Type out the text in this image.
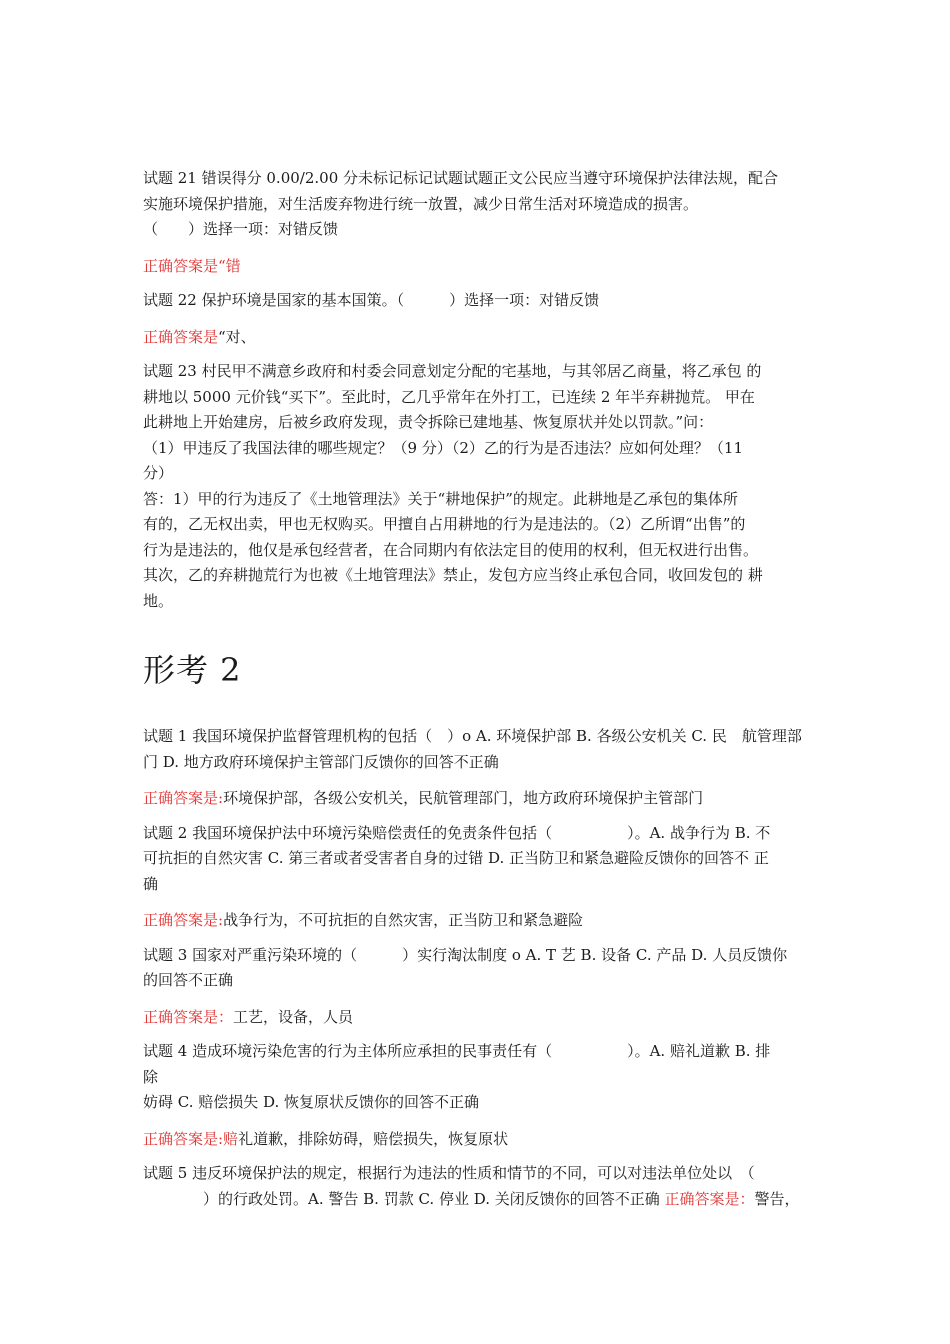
试题 21 错误得分 0.00/2.00 分未标记标记试题试题正文公民应当遵守环境保护法律法规，配合

实施环境保护措施，对生活废弃物进行统一放置，减少日常生活对环境造成的损害。

（　　）选择一项：对错反馈

正确答案是“错

试题 22 保护环境是国家的基本国策。（　　　）选择一项：对错反馈

正确答案是“对、

试题 23 村民甲不满意乡政府和村委会同意划定分配的宅基地，与其邻居乙商量，将乙承包 的

耕地以 5000 元价钱“买下”。至此时，乙几乎常年在外打工，已连续 2 年半弃耕抛荒。 甲在

此耕地上开始建房，后被乡政府发现，责令拆除已建地基、恢复原状并处以罚款。”问：

（1）甲违反了我国法律的哪些规定？（9 分）（2）乙的行为是否违法？应如何处理？（11

分）

答：1）甲的行为违反了《土地管理法》关于“耕地保护”的规定。此耕地是乙承包的集体所

有的，乙无权出卖，甲也无权购买。甲擅自占用耕地的行为是违法的。（2）乙所谓“出售”的

行为是违法的，他仅是承包经营者，在合同期内有依法定目的使用的权利，但无权进行出售。

其次，乙的弃耕抛荒行为也被《土地管理法》禁止，发包方应当终止承包合同，收回发包的 耕

地。

形考 2

试题 1 我国环境保护监督管理机构的包括（　）o A. 环境保护部 B. 各级公安机关 C. 民　航管理部

门 D. 地方政府环境保护主管部门反馈你的回答不正确

正确答案是:环境保护部，各级公安机关，民航管理部门，地方政府环境保护主管部门

试题 2 我国环境保护法中环境污染赔偿责任的免责条件包括（　　　　　）。A. 战争行为 B. 不

可抗拒的自然灾害 C. 第三者或者受害者自身的过错 D. 正当防卫和紧急避险反馈你的回答不 正

确

正确答案是:战争行为，不可抗拒的自然灾害，正当防卫和紧急避险

试题 3 国家对严重污染环境的（　　　）实行淘汰制度 o A. T 艺 B. 设备 C. 产品 D. 人员反馈你

的回答不正确

正确答案是：工艺，设备，人员

试题 4 造成环境污染危害的行为主体所应承担的民事责任有（　　　　　）。A. 赔礼道歉 B. 排

除

妨碍 C. 赔偿损失 D. 恢复原状反馈你的回答不正确

正确答案是:赔礼道歉，排除妨碍，赔偿损失，恢复原状

试题 5 违反环境保护法的规定，根据行为违法的性质和情节的不同，可以对违法单位处以　（

　　　　）的行政处罚。A. 警告 B. 罚款 C. 停业 D. 关闭反馈你的回答不正确 正确答案是：警告，
